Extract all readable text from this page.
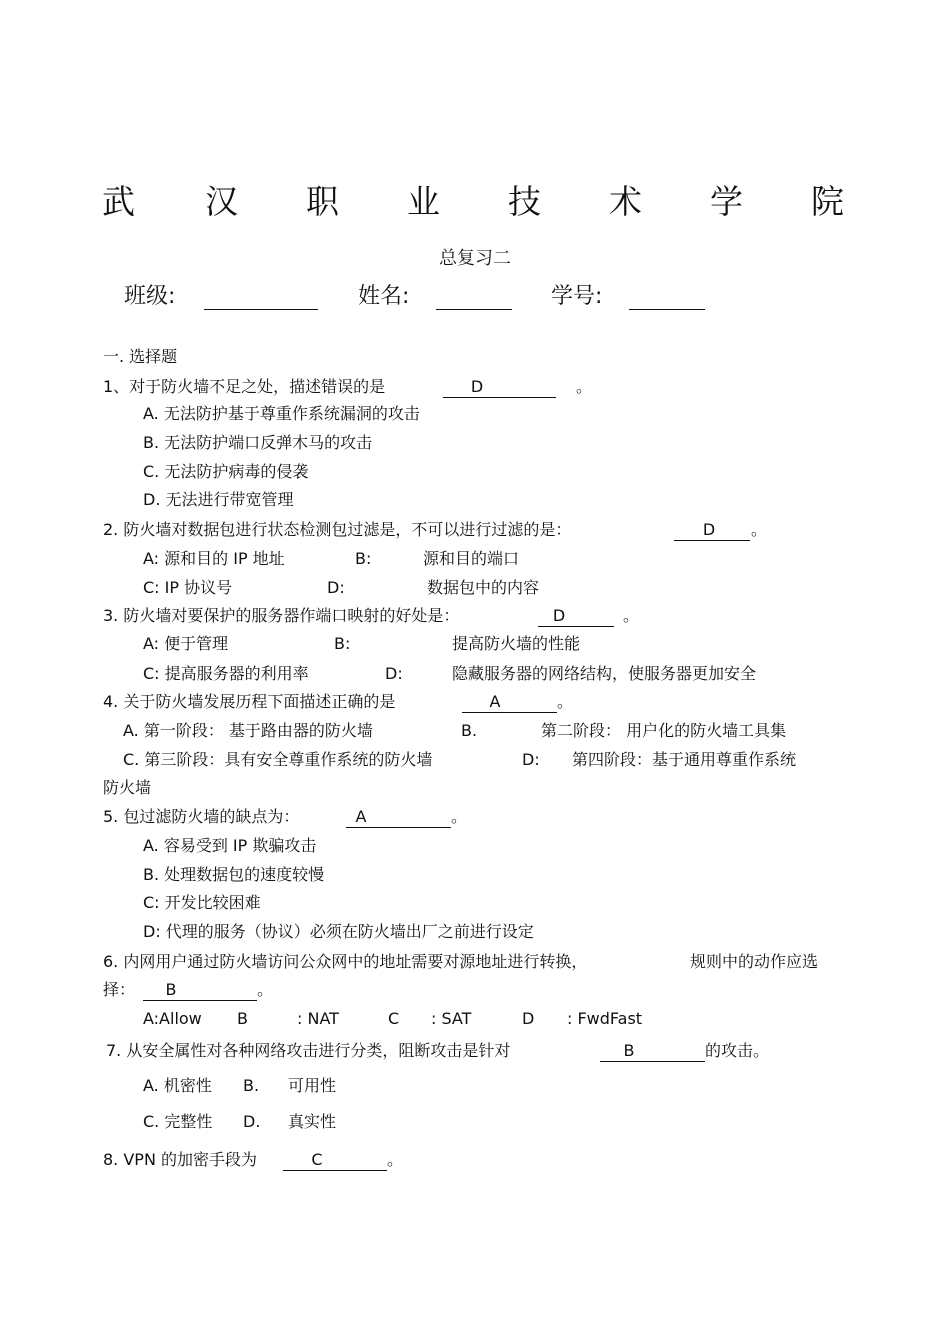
武 汉 职 业 技 术 学 院
总复习二
班级:	姓名:	学号:
一. 选择题
1、对于防火墙不足之处，描述错误的是	D	。
A. 无法防护基于尊重作系统漏洞的攻击
B. 无法防护端口反弹木马的攻击
C. 无法防护病毒的侵袭
D. 无法进行带宽管理
2. 防火墙对数据包进行状态检测包过滤是，不可以进行过滤的是：	D	。
A: 源和目的 IP 地址	B:	源和目的端口
C: IP 协议号	D:	数据包中的内容
3. 防火墙对要保护的服务器作端口映射的好处是：	D	。
A: 便于管理	B:	提高防火墙的性能
C: 提高服务器的利用率	D:	隐藏服务器的网络结构，使服务器更加安全
4. 关于防火墙发展历程下面描述正确的是	A	。
A. 第一阶段： 基于路由器的防火墙	B.	第二阶段： 用户化的防火墙工具集
C. 第三阶段：具有安全尊重作系统的防火墙	D: 第四阶段：基于通用尊重作系统
防火墙
5. 包过滤防火墙的缺点为：	A	。
A. 容易受到 IP 欺骗攻击
B. 处理数据包的速度较慢
C: 开发比较困难
D: 代理的服务（协议）必须在防火墙出厂之前进行设定
6. 内网用户通过防火墙访问公众网中的地址需要对源地址进行转换，	规则中的动作应选
择：	B	。
A:Allow B	: NAT	C : SAT	D : FwdFast
7. 从安全属性对各种网络攻击进行分类，阻断攻击是针对	B	的攻击。
A. 机密性 B. 可用性
C. 完整性 D. 真实性
8. VPN 的加密手段为	C	。
